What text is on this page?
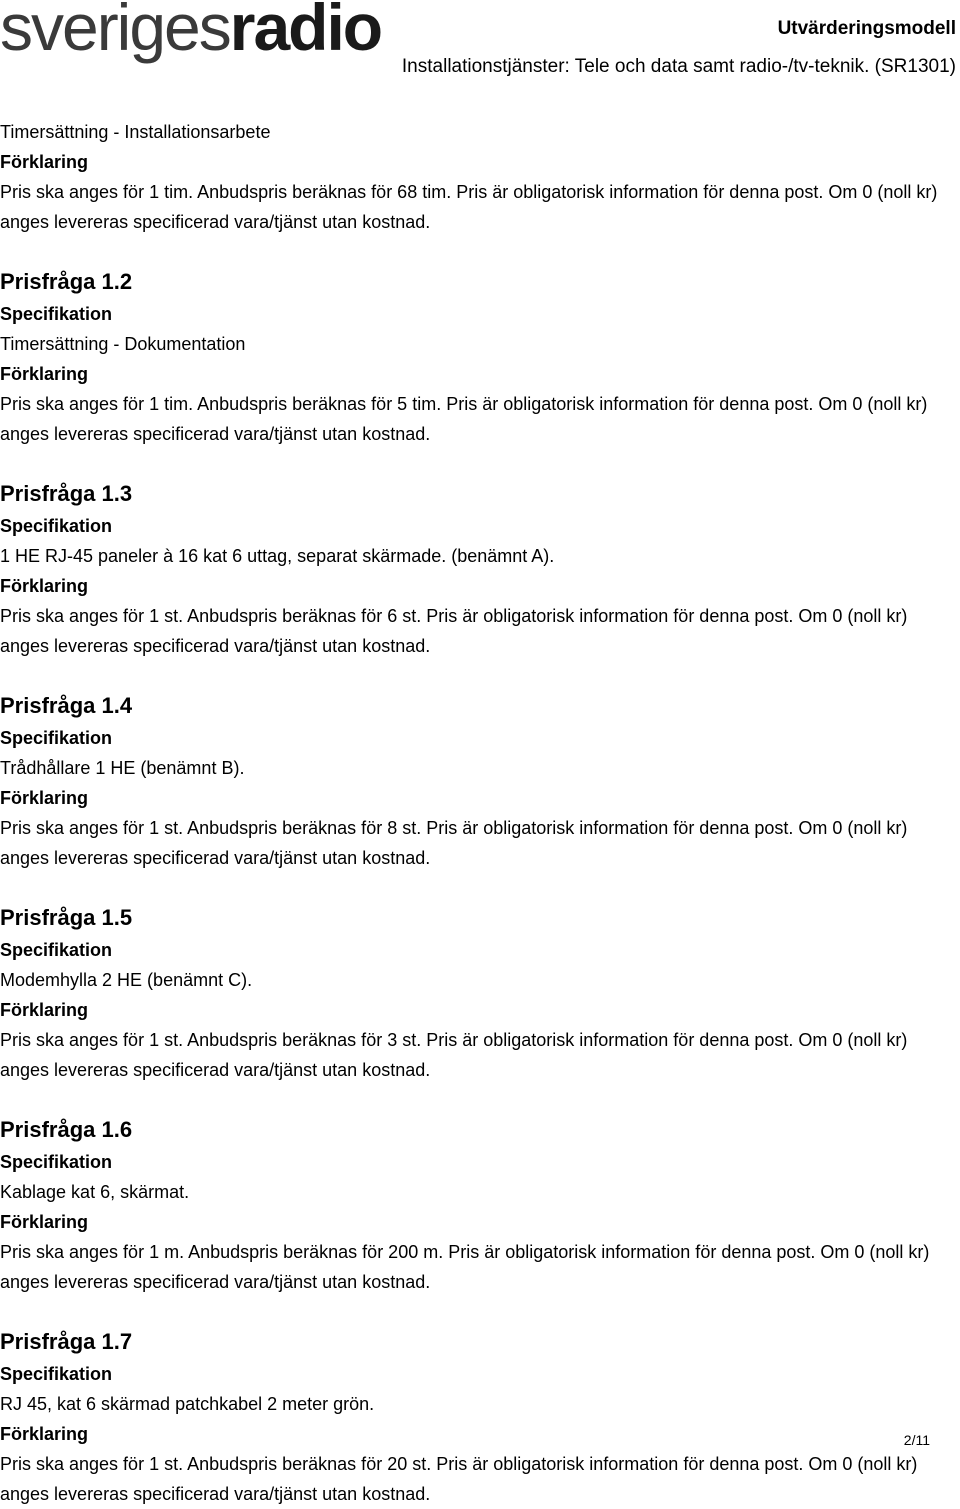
sverigesradio	Utvärderingsmodell
Installationstjänster: Tele och data samt radio-/tv-teknik. (SR1301)
Timersättning - Installationsarbete
Förklaring
Pris ska anges för 1 tim. Anbudspris beräknas för 68 tim. Pris är obligatorisk information för denna post. Om 0 (noll kr) anges levereras specificerad vara/tjänst utan kostnad.
Prisfråga 1.2
Specifikation
Timersättning - Dokumentation
Förklaring
Pris ska anges för 1 tim. Anbudspris beräknas för 5 tim. Pris är obligatorisk information för denna post. Om 0 (noll kr) anges levereras specificerad vara/tjänst utan kostnad.
Prisfråga 1.3
Specifikation
1 HE RJ-45 paneler à 16 kat 6 uttag, separat skärmade. (benämnt A).
Förklaring
Pris ska anges för 1 st. Anbudspris beräknas för 6 st. Pris är obligatorisk information för denna post. Om 0 (noll kr) anges levereras specificerad vara/tjänst utan kostnad.
Prisfråga 1.4
Specifikation
Trådhållare 1 HE (benämnt B).
Förklaring
Pris ska anges för 1 st. Anbudspris beräknas för 8 st. Pris är obligatorisk information för denna post. Om 0 (noll kr) anges levereras specificerad vara/tjänst utan kostnad.
Prisfråga 1.5
Specifikation
Modemhylla 2 HE (benämnt C).
Förklaring
Pris ska anges för 1 st. Anbudspris beräknas för 3 st. Pris är obligatorisk information för denna post. Om 0 (noll kr) anges levereras specificerad vara/tjänst utan kostnad.
Prisfråga 1.6
Specifikation
Kablage kat 6, skärmat.
Förklaring
Pris ska anges för 1 m. Anbudspris beräknas för 200 m. Pris är obligatorisk information för denna post. Om 0 (noll kr) anges levereras specificerad vara/tjänst utan kostnad.
Prisfråga 1.7
Specifikation
RJ 45, kat 6 skärmad patchkabel 2 meter grön.
Förklaring
Pris ska anges för 1 st. Anbudspris beräknas för 20 st. Pris är obligatorisk information för denna post. Om 0 (noll kr) anges levereras specificerad vara/tjänst utan kostnad.
2/11
